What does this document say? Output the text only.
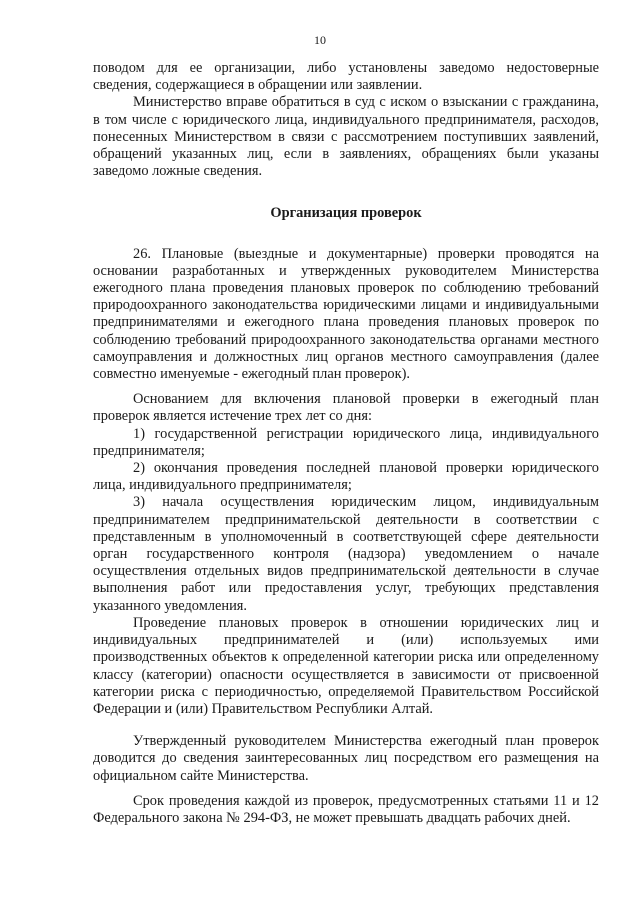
10

поводом для ее организации, либо установлены заведомо недостоверные сведения, содержащиеся в обращении или заявлении.

Министерство вправе обратиться в суд с иском о взыскании с гражданина, в том числе с юридического лица, индивидуального предпринимателя, расходов, понесенных Министерством в связи с рассмотрением поступивших заявлений, обращений указанных лиц, если в заявлениях, обращениях были указаны заведомо ложные сведения.

Организация проверок

26. Плановые (выездные и документарные) проверки проводятся на основании разработанных и утвержденных руководителем Министерства ежегодного плана проведения плановых проверок по соблюдению требований природоохранного законодательства юридическими лицами и индивидуальными предпринимателями и ежегодного плана проведения плановых проверок по соблюдению требований природоохранного законодательства органами местного самоуправления и должностных лиц органов местного самоуправления (далее совместно именуемые - ежегодный план проверок).

Основанием для включения плановой проверки в ежегодный план проверок является истечение трех лет со дня:

1) государственной регистрации юридического лица, индивидуального предпринимателя;

2) окончания проведения последней плановой проверки юридического лица, индивидуального предпринимателя;

3) начала осуществления юридическим лицом, индивидуальным предпринимателем предпринимательской деятельности в соответствии с представленным в уполномоченный в соответствующей сфере деятельности орган государственного контроля (надзора) уведомлением о начале осуществления отдельных видов предпринимательской деятельности в случае выполнения работ или предоставления услуг, требующих представления указанного уведомления.

Проведение плановых проверок в отношении юридических лиц и индивидуальных предпринимателей и (или) используемых ими производственных объектов к определенной категории риска или определенному классу (категории) опасности осуществляется в зависимости от присвоенной категории риска с периодичностью, определяемой Правительством Российской Федерации и (или) Правительством Республики Алтай.

Утвержденный руководителем Министерства ежегодный план проверок доводится до сведения заинтересованных лиц посредством его размещения на официальном сайте Министерства.

Срок проведения каждой из проверок, предусмотренных статьями 11 и 12 Федерального закона № 294-ФЗ, не может превышать двадцать рабочих дней.
